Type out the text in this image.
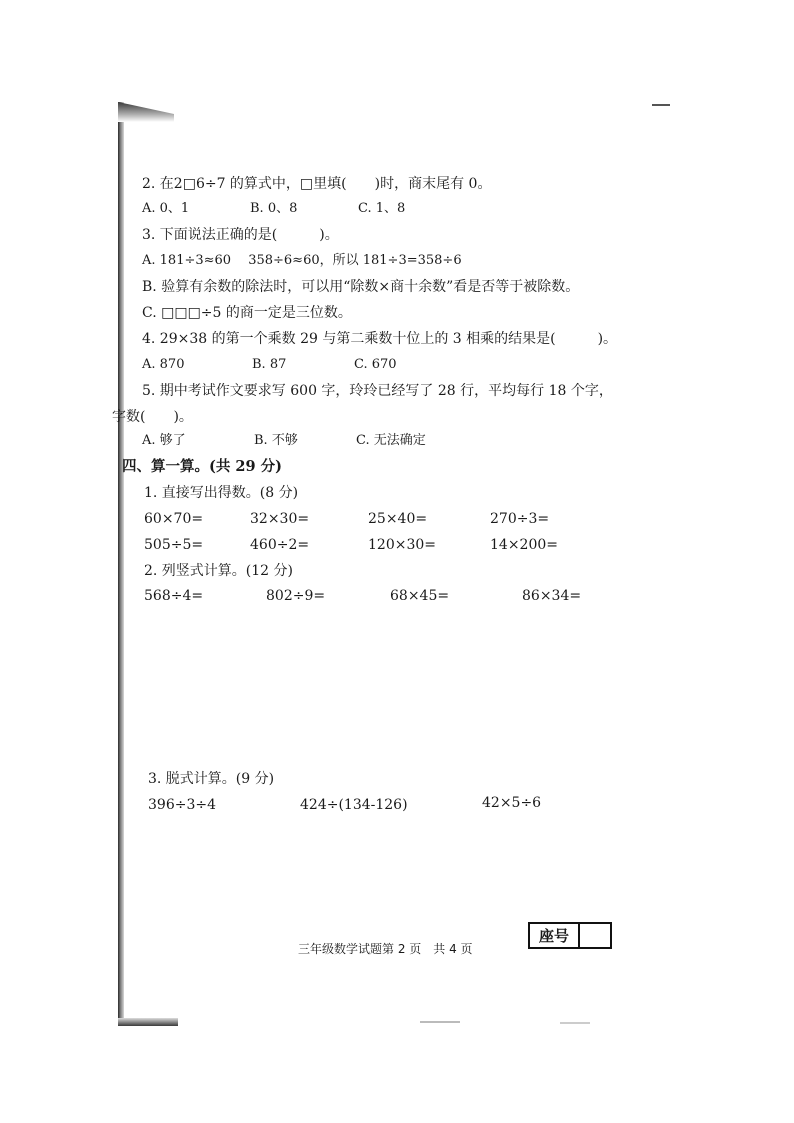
2. 在2□6÷7 的算式中，□里填(　　)时，商末尾有 0。
A. 0、1	B. 0、8	C. 1、8
3. 下面说法正确的是(　　　)。
A. 181÷3≈60　 358÷6≈60，所以 181÷3=358÷6
B. 验算有余数的除法时，可以用“除数×商十余数”看是否等于被除数。
C. □□□÷5 的商一定是三位数。
4. 29×38 的第一个乘数 29 与第二乘数十位上的 3 相乘的结果是(　　　)。
A. 870	B. 87	C. 670
5. 期中考试作文要求写 600 字，玲玲已经写了 28 行，平均每行 18 个字，
字数(　　)。
A. 够了	B. 不够	C. 无法确定
四、算一算。(共 29 分)
1. 直接写出得数。(8 分)
60×70=	32×30=	25×40=	270÷3=
505÷5=	460÷2=	120×30=	14×200=
2. 列竖式计算。(12 分)
568÷4=	802÷9=	68×45=	86×34=
3. 脱式计算。(9 分)
396÷3÷4	424÷(134-126)	42×5÷6
三年级数学试题第 2 页　共 4 页
座号
